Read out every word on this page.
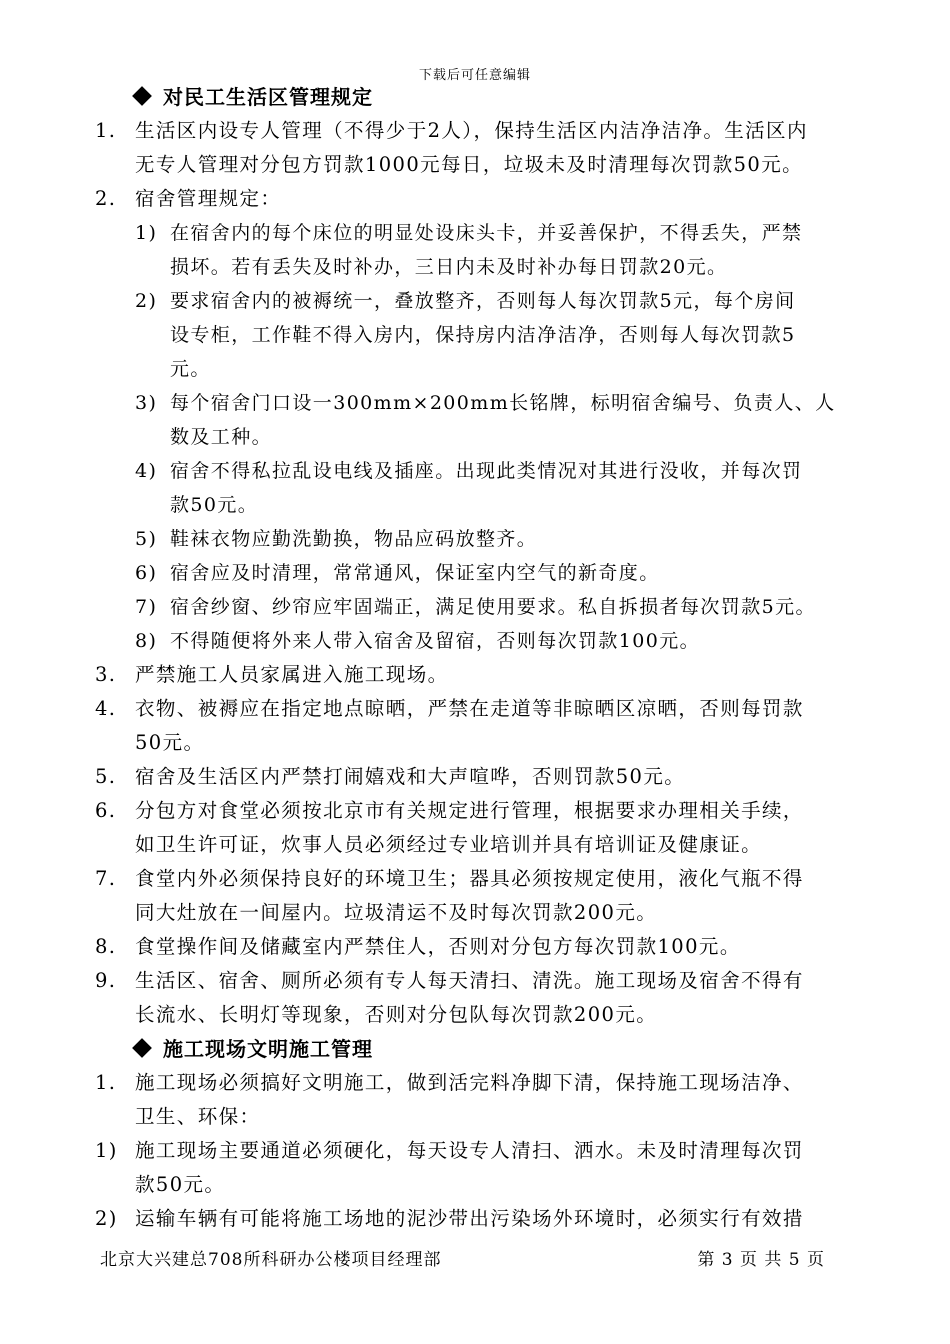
下载后可任意编辑
对民工生活区管理规定
1. 生活区内设专人管理（不得少于2人），保持生活区内洁净洁净。生活区内
无专人管理对分包方罚款1000元每日，垃圾未及时清理每次罚款50元。
2. 宿舍管理规定：
1) 在宿舍内的每个床位的明显处设床头卡，并妥善保护，不得丢失，严禁
损坏。若有丢失及时补办，三日内未及时补办每日罚款20元。
2) 要求宿舍内的被褥统一，叠放整齐，否则每人每次罚款5元，每个房间
设专柜，工作鞋不得入房内，保持房内洁净洁净，否则每人每次罚款5
元。
3) 每个宿舍门口设一300mm×200mm长铭牌，标明宿舍编号、负责人、人
数及工种。
4) 宿舍不得私拉乱设电线及插座。出现此类情况对其进行没收，并每次罚
款50元。
5) 鞋袜衣物应勤洗勤换，物品应码放整齐。
6) 宿舍应及时清理，常常通风，保证室内空气的新奇度。
7) 宿舍纱窗、纱帘应牢固端正，满足使用要求。私自拆损者每次罚款5元。
8) 不得随便将外来人带入宿舍及留宿，否则每次罚款100元。
3. 严禁施工人员家属进入施工现场。
4. 衣物、被褥应在指定地点晾晒，严禁在走道等非晾晒区凉晒，否则每罚款
50元。
5. 宿舍及生活区内严禁打闹嬉戏和大声喧哗，否则罚款50元。
6. 分包方对食堂必须按北京市有关规定进行管理，根据要求办理相关手续，
如卫生许可证，炊事人员必须经过专业培训并具有培训证及健康证。
7. 食堂内外必须保持良好的环境卫生；器具必须按规定使用，液化气瓶不得
同大灶放在一间屋内。垃圾清运不及时每次罚款200元。
8. 食堂操作间及储藏室内严禁住人，否则对分包方每次罚款100元。
9. 生活区、宿舍、厕所必须有专人每天清扫、清洗。施工现场及宿舍不得有
长流水、长明灯等现象，否则对分包队每次罚款200元。
施工现场文明施工管理
1. 施工现场必须搞好文明施工，做到活完料净脚下清，保持施工现场洁净、
卫生、环保：
1) 施工现场主要通道必须硬化，每天设专人清扫、洒水。未及时清理每次罚
款50元。
2) 运输车辆有可能将施工场地的泥沙带出污染场外环境时，必须实行有效措
北京大兴建总708所科研办公楼项目经理部	第 3 页 共 5 页
